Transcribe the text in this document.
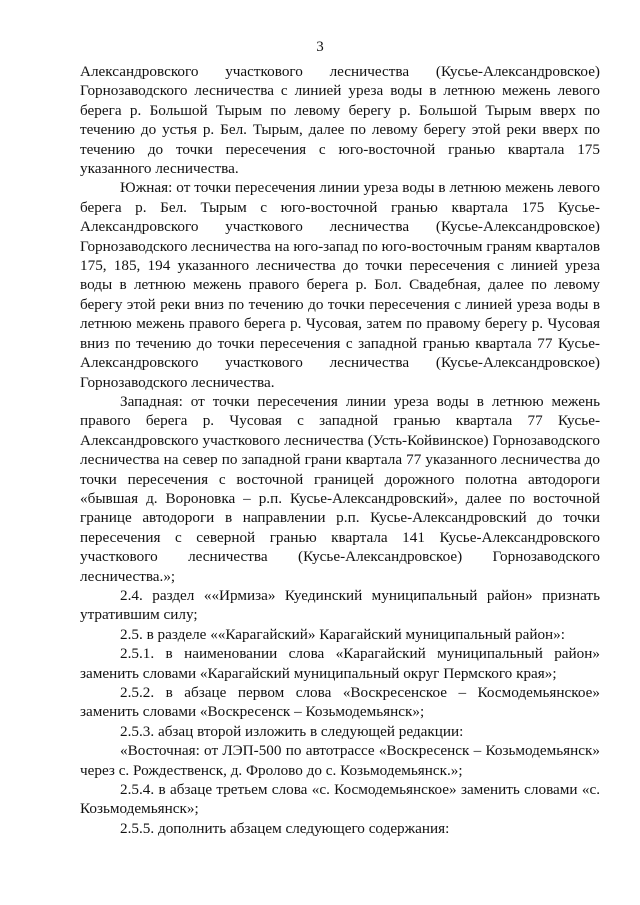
3

Александровского участкового лесничества (Кусье-Александровское) Горнозаводского лесничества с линией уреза воды в летнюю межень левого берега р. Большой Тырым по левому берегу р. Большой Тырым вверх по течению до устья р. Бел. Тырым, далее по левому берегу этой реки вверх по течению до точки пересечения с юго-восточной гранью квартала 175 указанного лесничества.

Южная: от точки пересечения линии уреза воды в летнюю межень левого берега р. Бел. Тырым с юго-восточной гранью квартала 175 Кусье-Александровского участкового лесничества (Кусье-Александровское) Горнозаводского лесничества на юго-запад по юго-восточным граням кварталов 175, 185, 194 указанного лесничества до точки пересечения с линией уреза воды в летнюю межень правого берега р. Бол. Свадебная, далее по левому берегу этой реки вниз по течению до точки пересечения с линией уреза воды в летнюю межень правого берега р. Чусовая, затем по правому берегу р. Чусовая вниз по течению до точки пересечения с западной гранью квартала 77 Кусье-Александровского участкового лесничества (Кусье-Александровское) Горнозаводского лесничества.

Западная: от точки пересечения линии уреза воды в летнюю межень правого берега р. Чусовая с западной гранью квартала 77 Кусье-Александровского участкового лесничества (Усть-Койвинское) Горнозаводского лесничества на север по западной грани квартала 77 указанного лесничества до точки пересечения с восточной границей дорожного полотна автодороги «бывшая д. Вороновка – р.п. Кусье-Александровский», далее по восточной границе автодороги в направлении р.п. Кусье-Александровский до точки пересечения с северной гранью квартала 141 Кусье-Александровского участкового лесничества (Кусье-Александровское) Горнозаводского лесничества.»;

2.4. раздел ««Ирмиза» Куединский муниципальный район» признать утратившим силу;

2.5. в разделе ««Карагайский» Карагайский муниципальный район»:

2.5.1. в наименовании слова «Карагайский муниципальный район» заменить словами «Карагайский муниципальный округ Пермского края»;

2.5.2. в абзаце первом слова «Воскресенское – Космодемьянское» заменить словами «Воскресенск – Козьмодемьянск»;

2.5.3. абзац второй изложить в следующей редакции:

«Восточная: от ЛЭП-500 по автотрассе «Воскресенск – Козьмодемьянск» через с. Рождественск, д. Фролово до с. Козьмодемьянск.»;

2.5.4. в абзаце третьем слова «с. Космодемьянское» заменить словами «с. Козьмодемьянск»;

2.5.5. дополнить абзацем следующего содержания:
